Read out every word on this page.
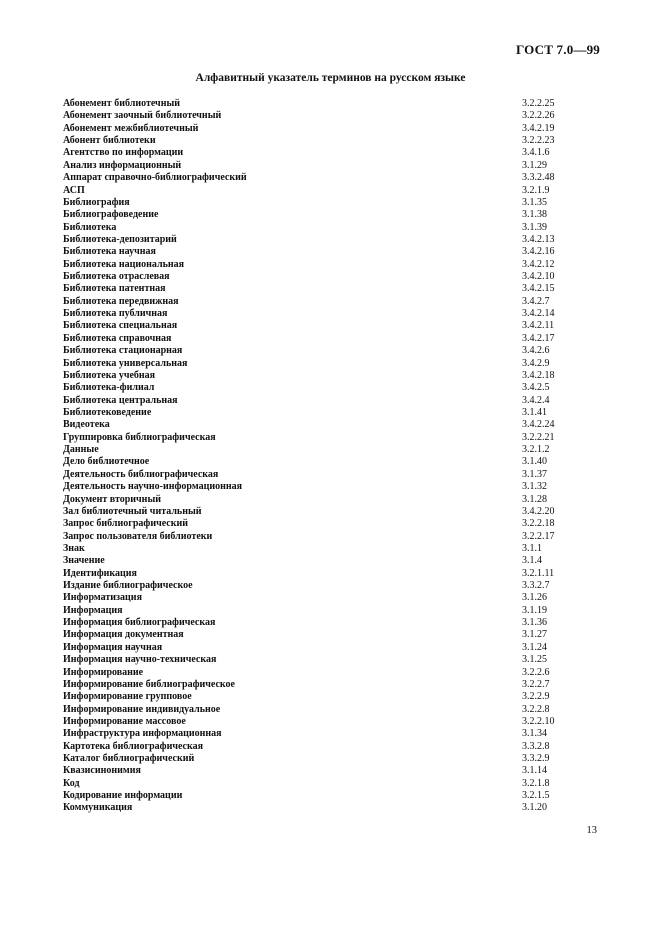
ГОСТ 7.0—99
Алфавитный указатель терминов на русском языке
Абонемент библиотечный	3.2.2.25
Абонемент заочный библиотечный	3.2.2.26
Абонемент межбиблиотечный	3.4.2.19
Абонент библиотеки	3.2.2.23
Агентство по информации	3.4.1.6
Анализ информационный	3.1.29
Аппарат справочно-библиографический	3.3.2.48
АСП	3.2.1.9
Библиография	3.1.35
Библиографоведение	3.1.38
Библиотека	3.1.39
Библиотека-депозитарий	3.4.2.13
Библиотека научная	3.4.2.16
Библиотека национальная	3.4.2.12
Библиотека отраслевая	3.4.2.10
Библиотека патентная	3.4.2.15
Библиотека передвижная	3.4.2.7
Библиотека публичная	3.4.2.14
Библиотека специальная	3.4.2.11
Библиотека справочная	3.4.2.17
Библиотека стационарная	3.4.2.6
Библиотека универсальная	3.4.2.9
Библиотека учебная	3.4.2.18
Библиотека-филиал	3.4.2.5
Библиотека центральная	3.4.2.4
Библиотековедение	3.1.41
Видеотека	3.4.2.24
Группировка библиографическая	3.2.2.21
Данные	3.2.1.2
Дело библиотечное	3.1.40
Деятельность библиографическая	3.1.37
Деятельность научно-информационная	3.1.32
Документ вторичный	3.1.28
Зал библиотечный читальный	3.4.2.20
Запрос библиографический	3.2.2.18
Запрос пользователя библиотеки	3.2.2.17
Знак	3.1.1
Значение	3.1.4
Идентификация	3.2.1.11
Издание библиографическое	3.3.2.7
Информатизация	3.1.26
Информация	3.1.19
Информация библиографическая	3.1.36
Информация документная	3.1.27
Информация научная	3.1.24
Информация научно-техническая	3.1.25
Информирование	3.2.2.6
Информирование библиографическое	3.2.2.7
Информирование групповое	3.2.2.9
Информирование индивидуальное	3.2.2.8
Информирование массовое	3.2.2.10
Инфраструктура информационная	3.1.34
Картотека библиографическая	3.3.2.8
Каталог библиографический	3.3.2.9
Квазисинонимия	3.1.14
Код	3.2.1.8
Кодирование информации	3.2.1.5
Коммуникация	3.1.20
13
